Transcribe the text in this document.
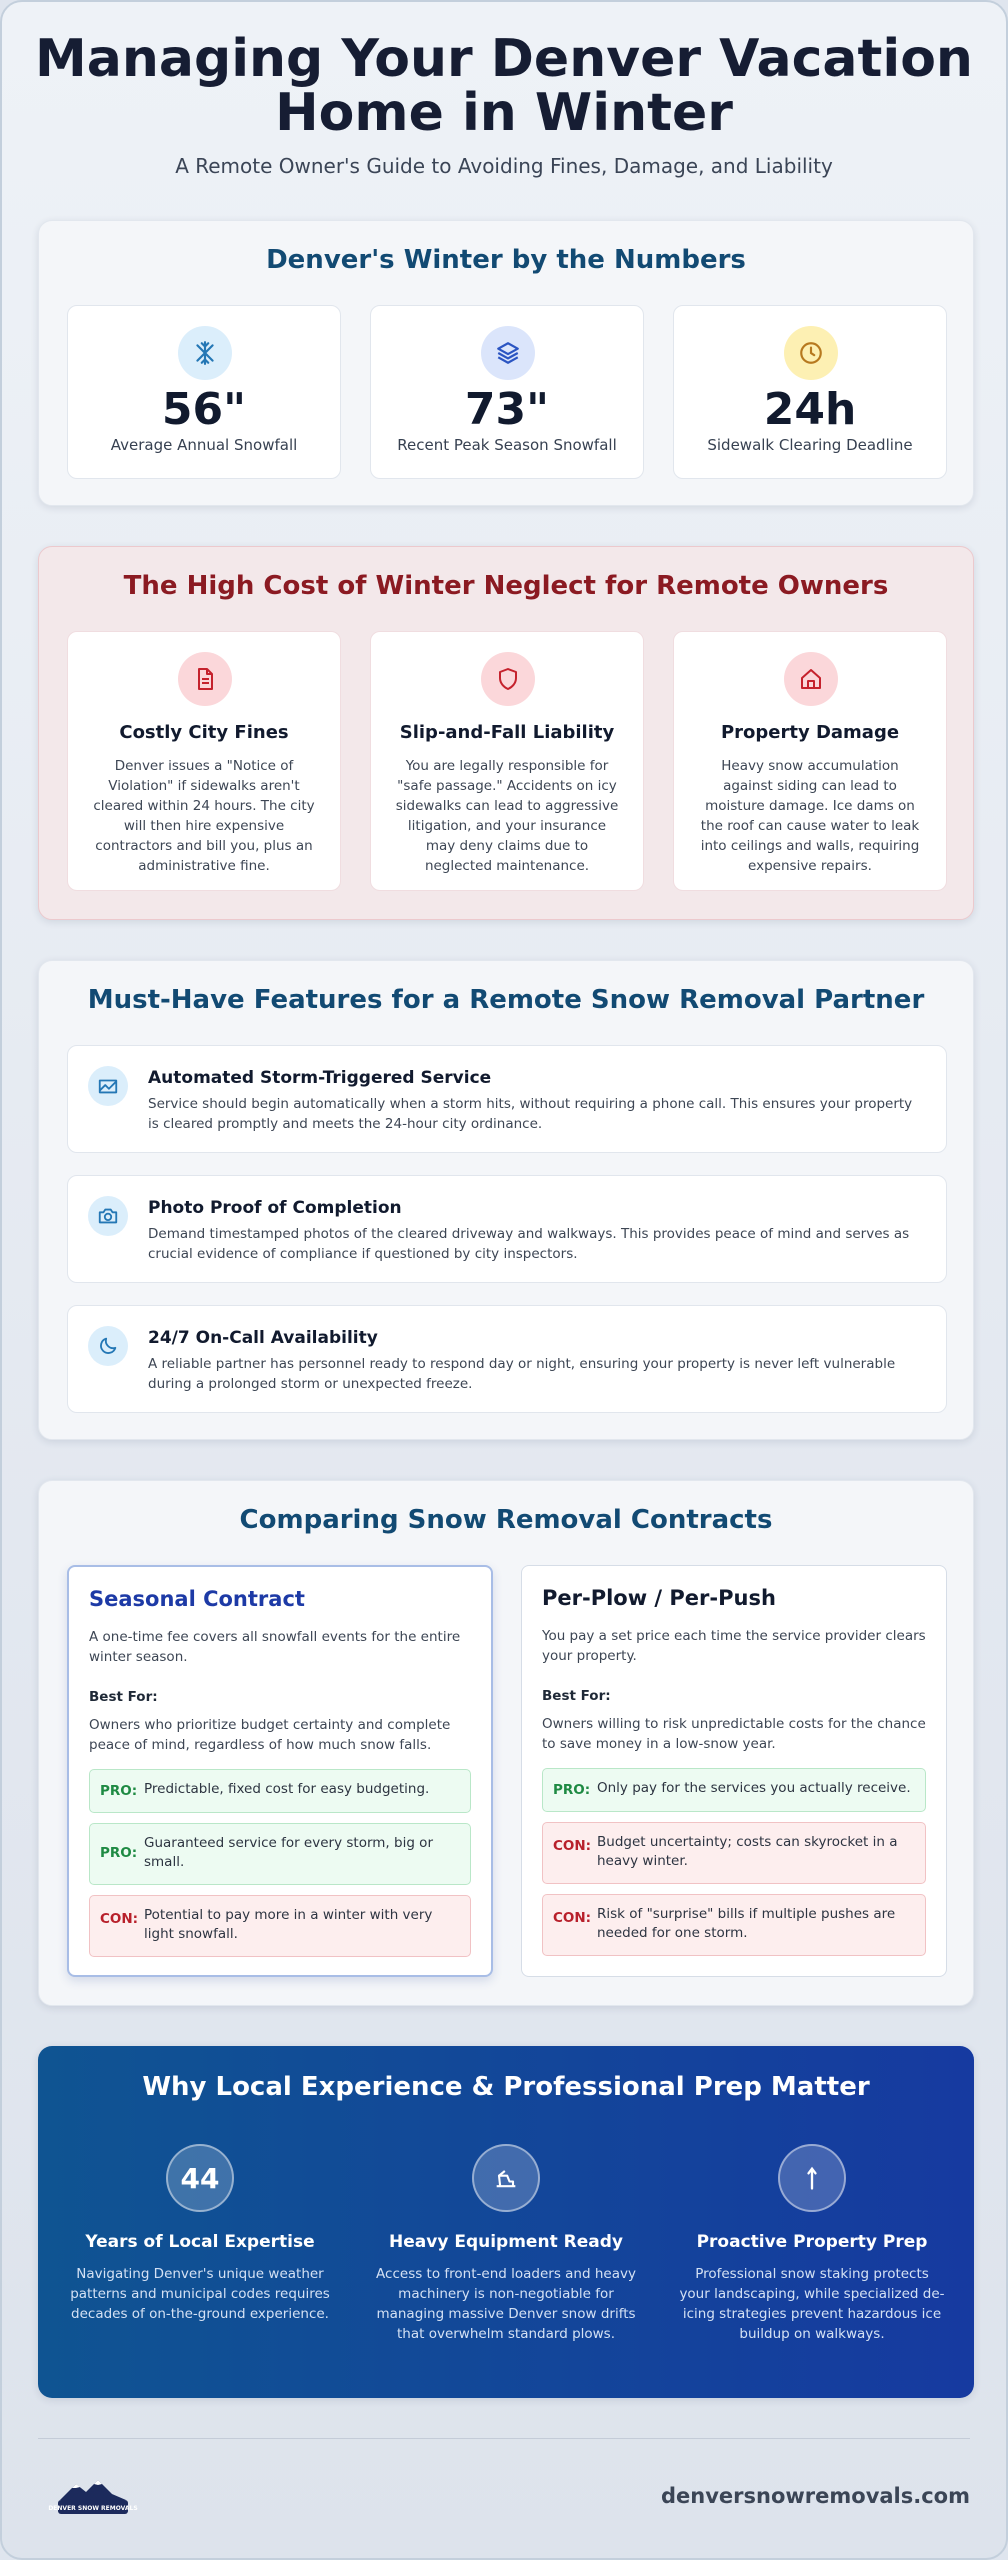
Managing Your Denver Vacation
Home in Winter
A Remote Owner's Guide to Avoiding Fines, Damage, and Liability
Denver's Winter by the Numbers
56"
Average Annual Snowfall
73"
Recent Peak Season Snowfall
24h
Sidewalk Clearing Deadline
The High Cost of Winter Neglect for Remote Owners
Costly City Fines
Denver issues a "Notice of Violation" if sidewalks aren't cleared within 24 hours. The city will then hire expensive contractors and bill you, plus an administrative fine.
Slip-and-Fall Liability
You are legally responsible for "safe passage." Accidents on icy sidewalks can lead to aggressive litigation, and your insurance may deny claims due to neglected maintenance.
Property Damage
Heavy snow accumulation against siding can lead to moisture damage. Ice dams on the roof can cause water to leak into ceilings and walls, requiring expensive repairs.
Must-Have Features for a Remote Snow Removal Partner
Automated Storm-Triggered Service
Service should begin automatically when a storm hits, without requiring a phone call. This ensures your property is cleared promptly and meets the 24-hour city ordinance.
Photo Proof of Completion
Demand timestamped photos of the cleared driveway and walkways. This provides peace of mind and serves as crucial evidence of compliance if questioned by city inspectors.
24/7 On-Call Availability
A reliable partner has personnel ready to respond day or night, ensuring your property is never left vulnerable during a prolonged storm or unexpected freeze.
Comparing Snow Removal Contracts
Seasonal Contract
A one-time fee covers all snowfall events for the entire winter season.
Best For:
Owners who prioritize budget certainty and complete peace of mind, regardless of how much snow falls.
PRO: Predictable, fixed cost for easy budgeting.
PRO:
Guaranteed service for every storm, big or small.
CON: Potential to pay more in a winter with very light snowfall.
Per-Plow / Per-Push
You pay a set price each time the service provider clears your property.
Best For:
Owners willing to risk unpredictable costs for the chance to save money in a low-snow year.
PRO: Only pay for the services you actually receive.
CON: Budget uncertainty; costs can skyrocket in a heavy winter.
CON: Risk of "surprise" bills if multiple pushes are needed for one storm.
Why Local Experience & Professional Prep Matter
44
Years of Local Expertise
Navigating Denver's unique weather patterns and municipal codes requires decades of on-the-ground experience.
Heavy Equipment Ready
Access to front-end loaders and heavy machinery is non-negotiable for managing massive Denver snow drifts that overwhelm standard plows.
Proactive Property Prep
Professional snow staking protects your landscaping, while specialized de-icing strategies prevent hazardous ice buildup on walkways.
DENVER SNOW REMOVALS
denversnowremovals.com
